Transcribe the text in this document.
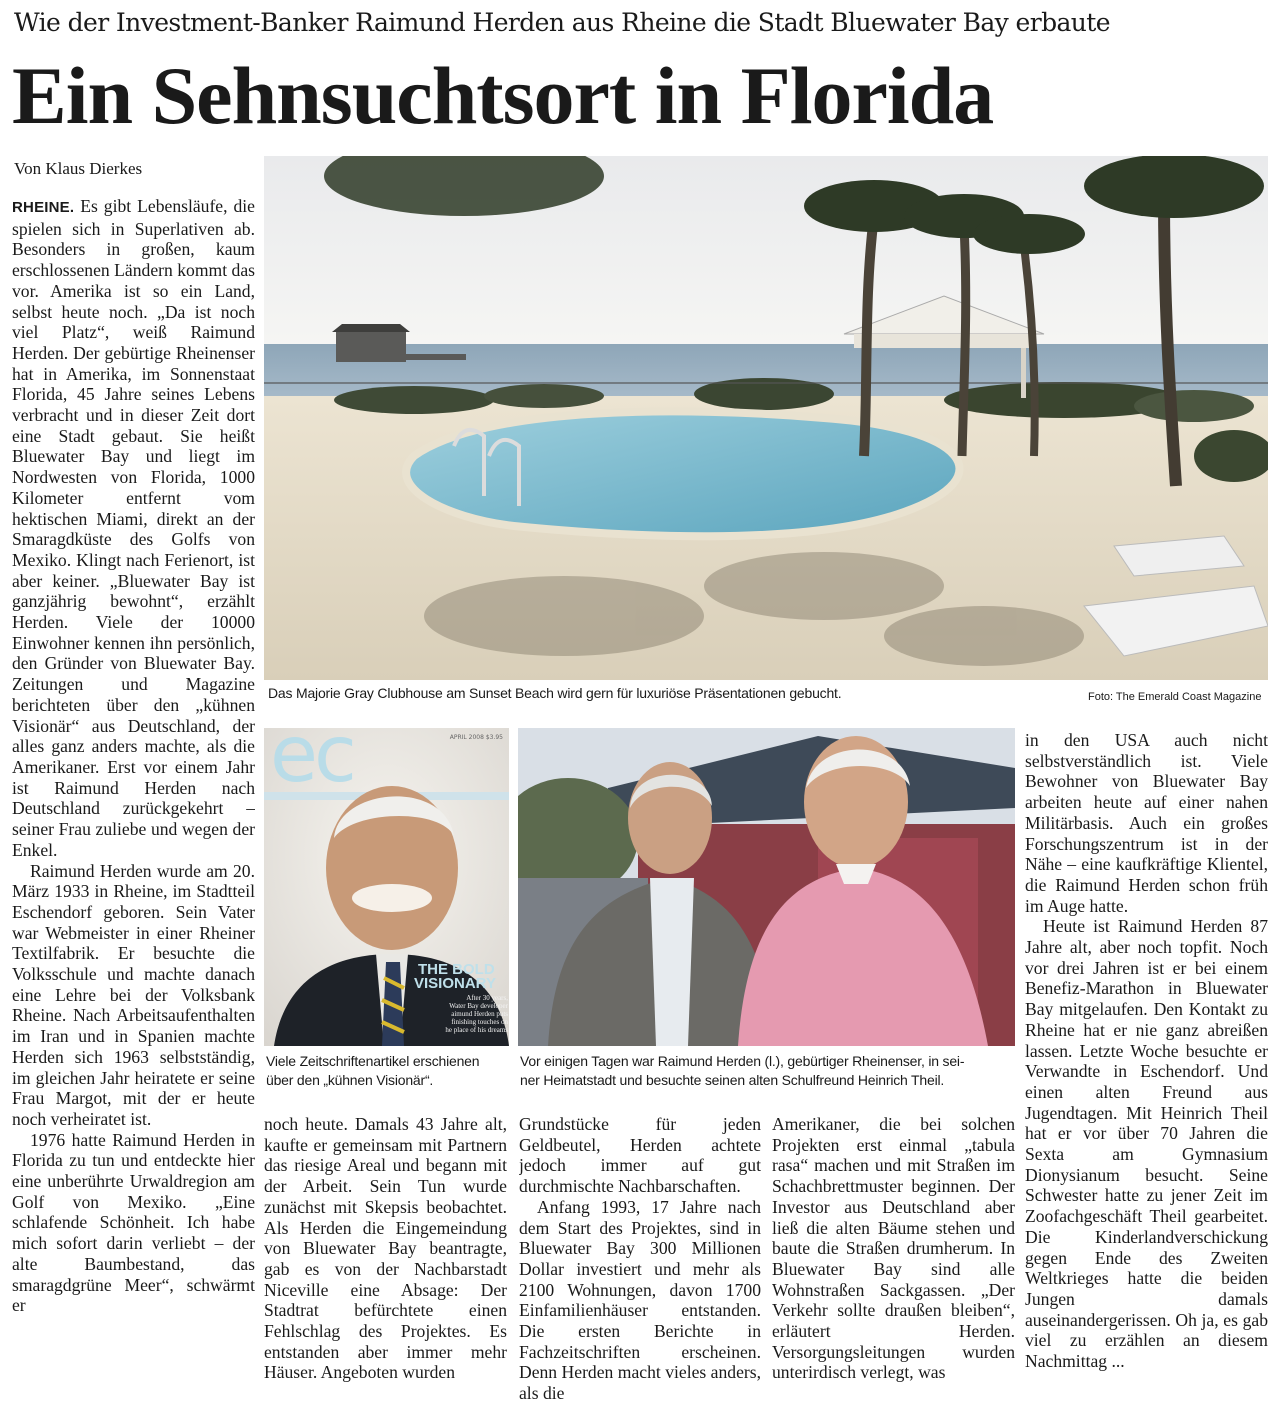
Wie der Investment-Banker Raimund Herden aus Rheine die Stadt Bluewater Bay erbaute
Ein Sehnsuchtsort in Florida
Von Klaus Dierkes

RHEINE. Es gibt Lebensläufe, die spielen sich in Superlativen ab. Besonders in großen, kaum erschlossenen Ländern kommt das vor. Amerika ist so ein Land, selbst heute noch. „Da ist noch viel Platz“, weiß Raimund Herden. Der gebürtige Rheinenser hat in Amerika, im Sonnenstaat Florida, 45 Jahre seines Lebens verbracht und in dieser Zeit dort eine Stadt gebaut. Sie heißt Bluewater Bay und liegt im Nordwesten von Florida, 1000 Kilometer entfernt vom hektischen Miami, direkt an der Smaragdküste des Golfs von Mexiko. Klingt nach Ferienort, ist aber keiner. „Bluewater Bay ist ganzjährig bewohnt“, erzählt Herden. Viele der 10000 Einwohner kennen ihn persönlich, den Gründer von Bluewater Bay. Zeitungen und Magazine berichteten über den „kühnen Visionär“ aus Deutschland, der alles ganz anders machte, als die Amerikaner. Erst vor einem Jahr ist Raimund Herden nach Deutschland zurückgekehrt – seiner Frau zuliebe und wegen der Enkel.

Raimund Herden wurde am 20. März 1933 in Rheine, im Stadtteil Eschendorf geboren. Sein Vater war Webmeister in einer Rheiner Textilfabrik. Er besuchte die Volksschule und machte danach eine Lehre bei der Volksbank Rheine. Nach Arbeitsaufenthalten im Iran und in Spanien machte Herden sich 1963 selbstständig, im gleichen Jahr heiratete er seine Frau Margot, mit der er heute noch verheiratet ist.

1976 hatte Raimund Herden in Florida zu tun und entdeckte hier eine unberührte Urwaldregion am Golf von Mexiko. „Eine schlafende Schönheit. Ich habe mich sofort darin verliebt – der alte Baumbestand, das smaragdgrüne Meer“, schwärmt er

Das Majorie Gray Clubhouse am Sunset Beach wird gern für luxuriöse Präsentationen gebucht.	Foto: The Emerald Coast Magazine
ec	APRIL 2008 $3.95
THE BOLD
VISIONARY
After 30 years,
Water Bay developer
aimund Herden puts
finishing touches on
he place of his dreams
Viele Zeitschriftenartikel erschienen
über den „kühnen Visionär“.
Vor einigen Tagen war Raimund Herden (l.), gebürtiger Rheinenser, in sei-
ner Heimatstadt und besuchte seinen alten Schulfreund Heinrich Theil.

noch heute. Damals 43 Jahre alt, kaufte er gemeinsam mit Partnern das riesige Areal und begann mit der Arbeit. Sein Tun wurde zunächst mit Skepsis beobachtet. Als Herden die Eingemeindung von Bluewater Bay beantragte, gab es von der Nachbarstadt Niceville eine Absage: Der Stadtrat befürchtete einen Fehlschlag des Projektes. Es entstanden aber immer mehr Häuser. Angeboten wurden

Grundstücke für jeden Geldbeutel, Herden achtete jedoch immer auf gut durchmischte Nachbarschaften.

Anfang 1993, 17 Jahre nach dem Start des Projektes, sind in Bluewater Bay 300 Millionen Dollar investiert und mehr als 2100 Wohnungen, davon 1700 Einfamilienhäuser entstanden. Die ersten Berichte in Fachzeitschriften erscheinen. Denn Herden macht vieles anders, als die

Amerikaner, die bei solchen Projekten erst einmal „tabula rasa“ machen und mit Straßen im Schachbrettmuster beginnen. Der Investor aus Deutschland aber ließ die alten Bäume stehen und baute die Straßen drumherum. In Bluewater Bay sind alle Wohnstraßen Sackgassen. „Der Verkehr sollte draußen bleiben“, erläutert Herden. Versorgungsleitungen wurden unterirdisch verlegt, was

in den USA auch nicht selbstverständlich ist. Viele Bewohner von Bluewater Bay arbeiten heute auf einer nahen Militärbasis. Auch ein großes Forschungszentrum ist in der Nähe – eine kaufkräftige Klientel, die Raimund Herden schon früh im Auge hatte.

Heute ist Raimund Herden 87 Jahre alt, aber noch topfit. Noch vor drei Jahren ist er bei einem Benefiz-Marathon in Bluewater Bay mitgelaufen. Den Kontakt zu Rheine hat er nie ganz abreißen lassen. Letzte Woche besuchte er Verwandte in Eschendorf. Und einen alten Freund aus Jugendtagen. Mit Heinrich Theil hat er vor über 70 Jahren die Sexta am Gymnasium Dionysianum besucht. Seine Schwester hatte zu jener Zeit im Zoofachgeschäft Theil gearbeitet. Die Kinderlandverschickung gegen Ende des Zweiten Weltkrieges hatte die beiden Jungen damals auseinandergerissen. Oh ja, es gab viel zu erzählen an diesem Nachmittag ...
